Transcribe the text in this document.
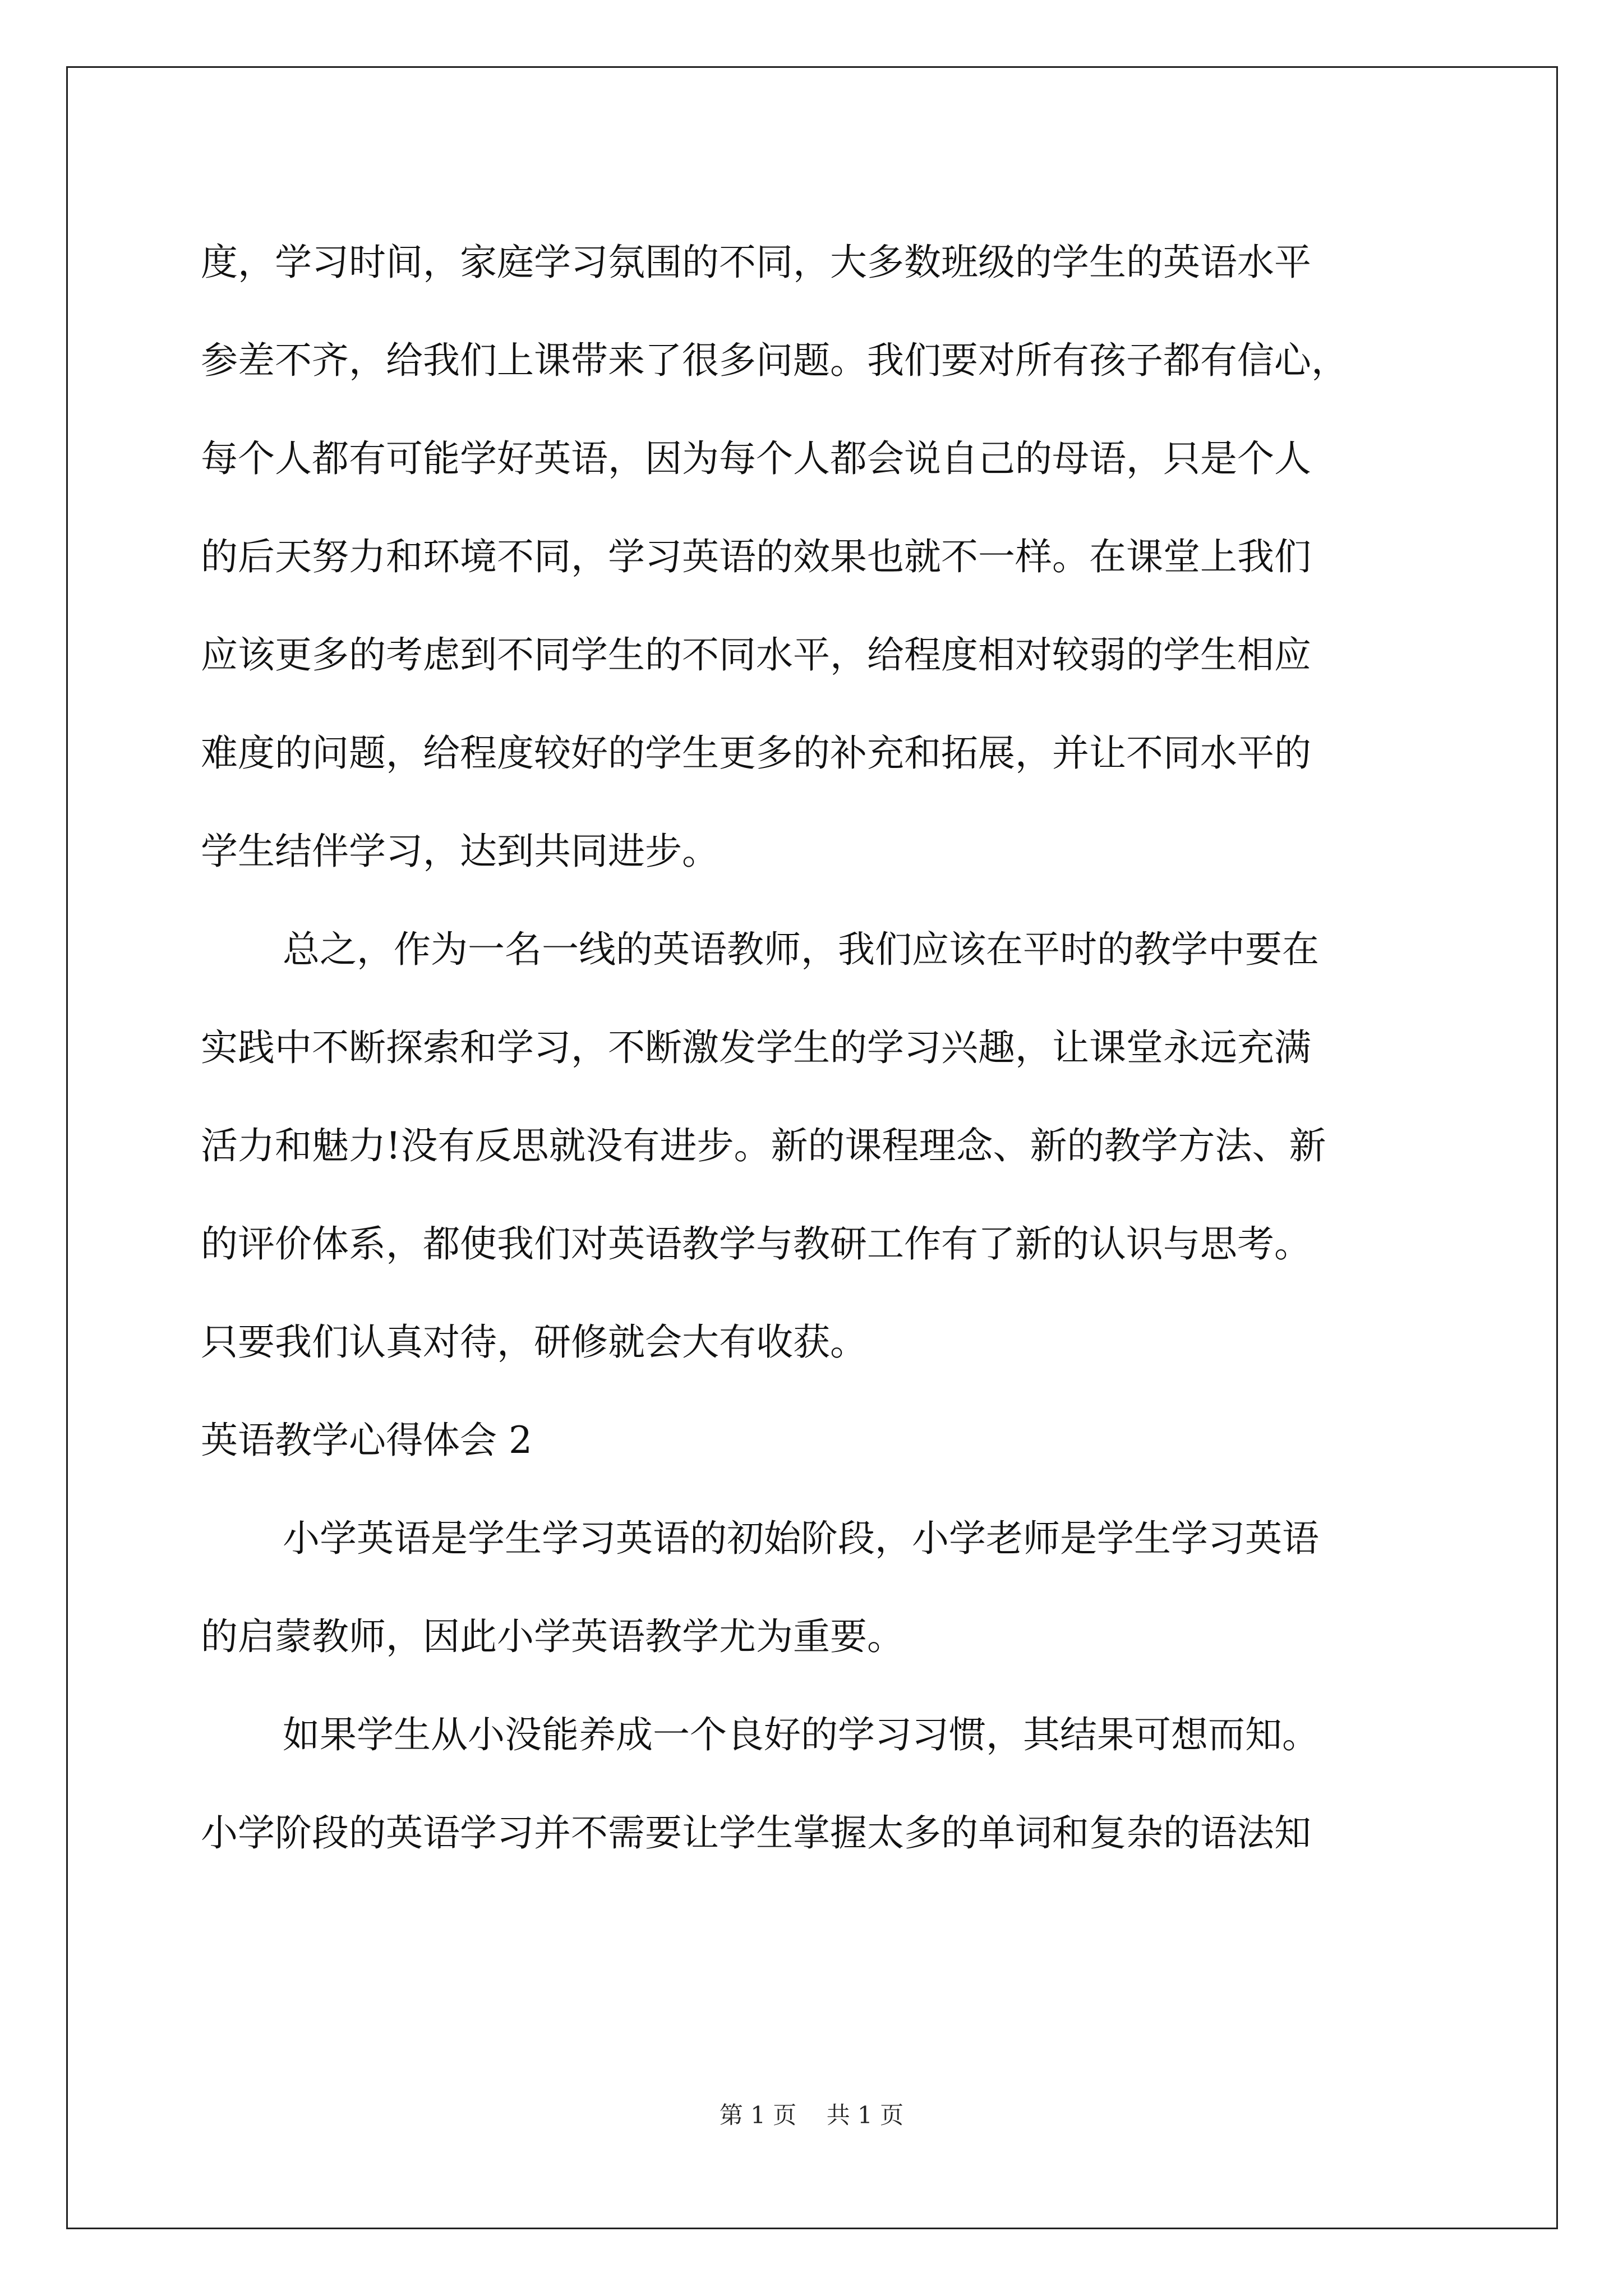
度，学习时间，家庭学习氛围的不同，大多数班级的学生的英语水平
参差不齐，给我们上课带来了很多问题。我们要对所有孩子都有信心，
每个人都有可能学好英语，因为每个人都会说自己的母语，只是个人
的后天努力和环境不同，学习英语的效果也就不一样。在课堂上我们
应该更多的考虑到不同学生的不同水平，给程度相对较弱的学生相应
难度的问题，给程度较好的学生更多的补充和拓展，并让不同水平的
学生结伴学习，达到共同进步。
总之，作为一名一线的英语教师，我们应该在平时的教学中要在
实践中不断探索和学习，不断激发学生的学习兴趣，让课堂永远充满
活力和魅力!没有反思就没有进步。新的课程理念、新的教学方法、新
的评价体系，都使我们对英语教学与教研工作有了新的认识与思考。
只要我们认真对待，研修就会大有收获。
英语教学心得体会 2
小学英语是学生学习英语的初始阶段，小学老师是学生学习英语
的启蒙教师，因此小学英语教学尤为重要。
如果学生从小没能养成一个良好的学习习惯，其结果可想而知。
小学阶段的英语学习并不需要让学生掌握太多的单词和复杂的语法知
第 1 页 共 1 页
